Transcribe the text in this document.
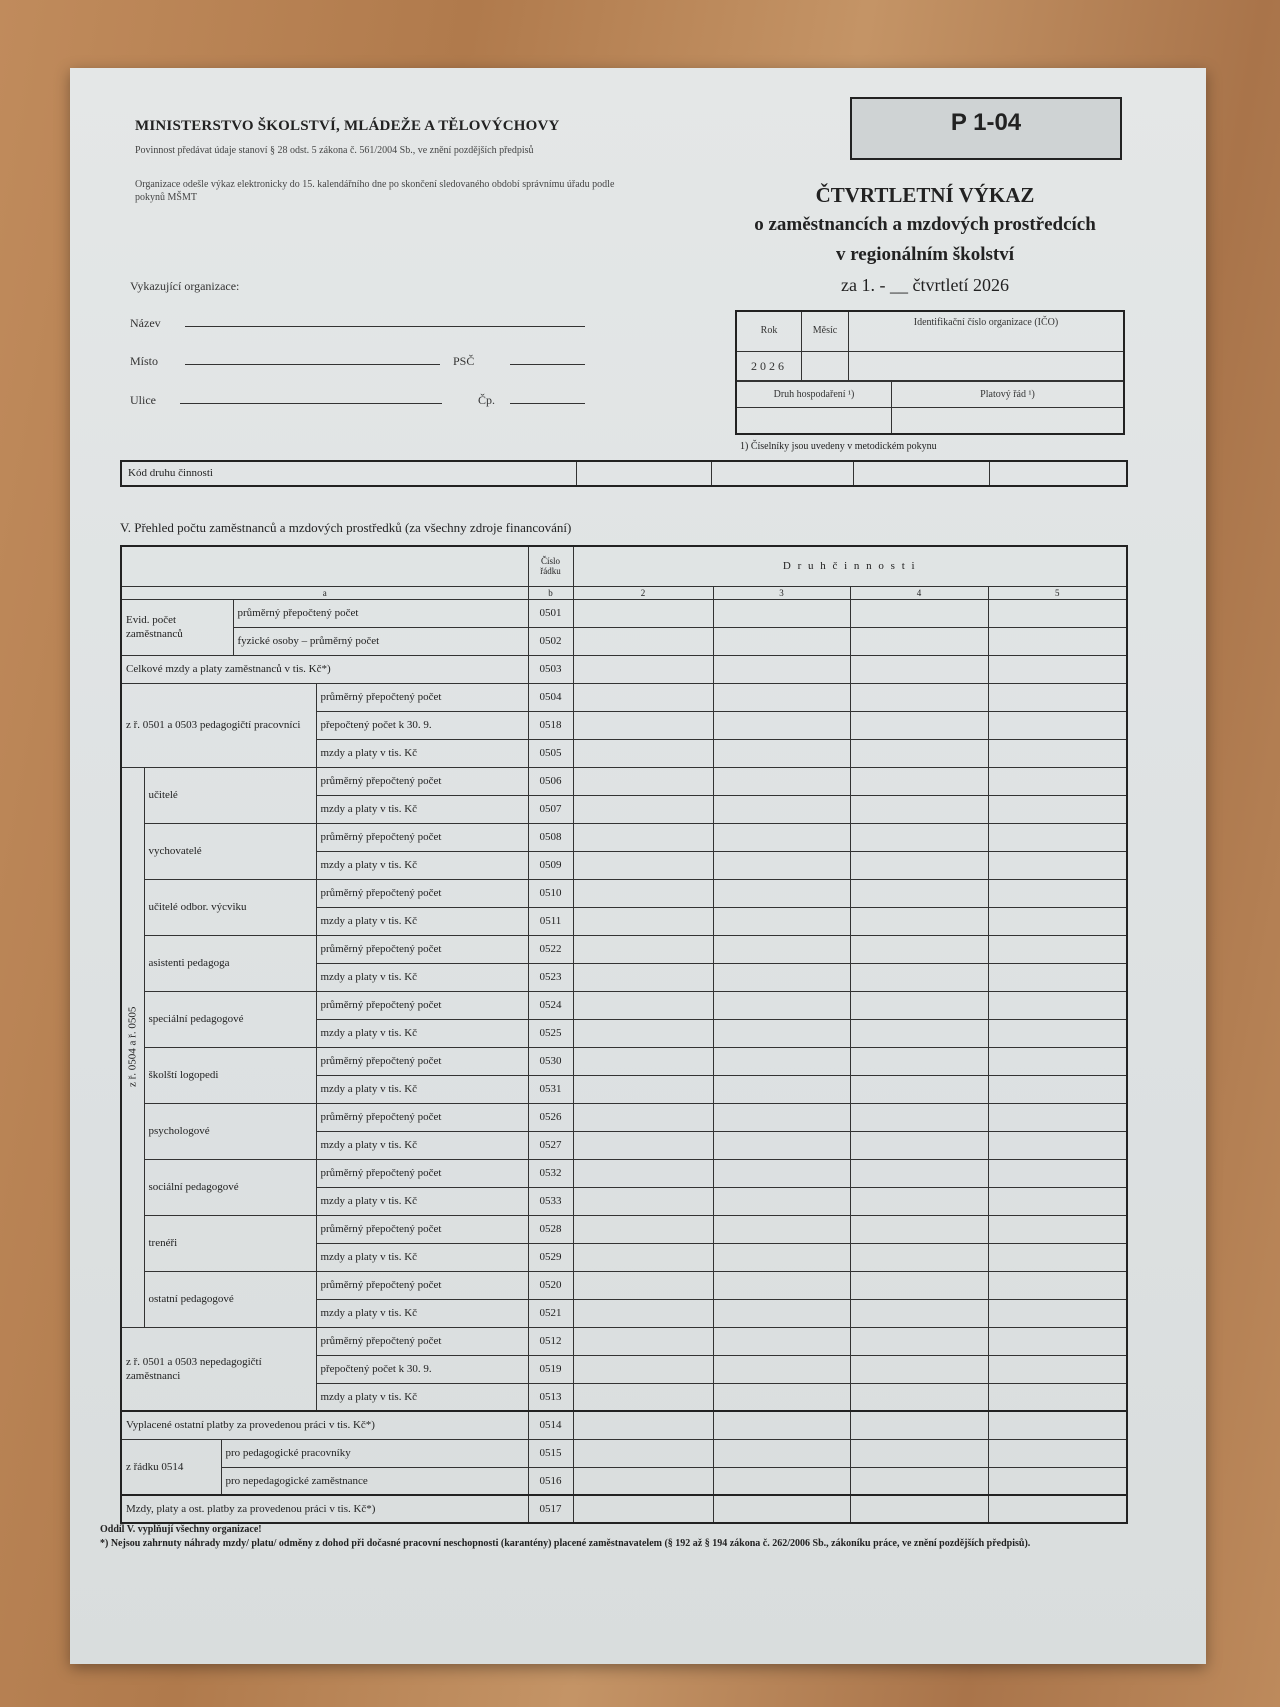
MINISTERSTVO ŠKOLSTVÍ, MLÁDEŽE A TĚLOVÝCHOVY
Povinnost předávat údaje stanoví § 28 odst. 5 zákona č. 561/2004 Sb., ve znění pozdějších předpisů
Organizace odešle výkaz elektronicky do 15. kalendářního dne po skončení sledovaného období správnímu úřadu podle pokynů MŠMT
P 1-04
ČTVRTLETNÍ VÝKAZ
o zaměstnancích a mzdových prostředcích
v regionálním školství
za 1. - __ čtvrtletí 2026
Vykazující organizace:
Název
Místo	PSČ
Ulice	Čp.
Rok	Měsíc
Identifikační číslo organizace (IČO)
2026
Druh hospodaření ¹)	Platový řád ¹)
1) Číselníky jsou uvedeny v metodickém pokynu
Kód druhu činnosti
V. Přehled počtu zaměstnanců a mzdových prostředků (za všechny zdroje financování)
					Číslo řádku	D r u h č i n n o s t i			
a					b	2	3	4	5
Evid. počet zaměstnanců			průměrný přepočtený počet		0501				
			fyzické osoby – průměrný počet		0502				
Celkové mzdy a platy zaměstnanců v tis. Kč*)					0503				
z ř. 0501 a 0503 pedagogičtí pracovníci				průměrný přepočtený počet	0504				
				přepočtený počet k 30. 9.	0518				
				mzdy a platy v tis. Kč	0505				
z ř. 0504 a ř. 0505	učitelé			průměrný přepočtený počet	0506				
				mzdy a platy v tis. Kč	0507				
	vychovatelé			průměrný přepočtený počet	0508				
				mzdy a platy v tis. Kč	0509				
	učitelé odbor. výcviku			průměrný přepočtený počet	0510				
				mzdy a platy v tis. Kč	0511				
	asistenti pedagoga			průměrný přepočtený počet	0522				
				mzdy a platy v tis. Kč	0523				
	speciální pedagogové			průměrný přepočtený počet	0524				
				mzdy a platy v tis. Kč	0525				
	školští logopedi			průměrný přepočtený počet	0530				
				mzdy a platy v tis. Kč	0531				
	psychologové			průměrný přepočtený počet	0526				
				mzdy a platy v tis. Kč	0527				
	sociální pedagogové			průměrný přepočtený počet	0532				
				mzdy a platy v tis. Kč	0533				
	trenéři			průměrný přepočtený počet	0528				
				mzdy a platy v tis. Kč	0529				
	ostatní pedagogové			průměrný přepočtený počet	0520				
				mzdy a platy v tis. Kč	0521				
z ř. 0501 a 0503 nepedagogičtí zaměstnanci				průměrný přepočtený počet	0512				
				přepočtený počet k 30. 9.	0519				
				mzdy a platy v tis. Kč	0513				
Vyplacené ostatní platby za provedenou práci v tis. Kč*)					0514				
z řádku 0514		pro pedagogické pracovníky			0515				
		pro nepedagogické zaměstnance			0516				
Mzdy, platy a ost. platby za provedenou práci v tis. Kč*)					0517				
Oddíl V. vyplňují všechny organizace!
*) Nejsou zahrnuty náhrady mzdy/ platu/ odměny z dohod při dočasné pracovní neschopnosti (karantény) placené zaměstnavatelem (§ 192 až § 194 zákona č. 262/2006 Sb., zákoníku práce, ve znění pozdějších předpisů).
